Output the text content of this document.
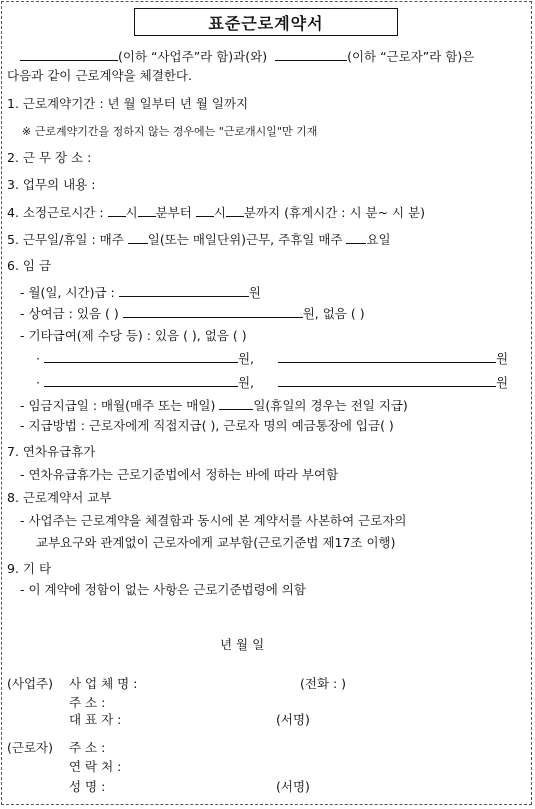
표준근로계약서
(이하 “사업주”라 함)과(와)	(이하 “근로자”라 함)은
다음과 같이 근로계약을 체결한다.
1. 근로계약기간 : 년 월 일부터 년 월 일까지
※ 근로계약기간을 정하지 않는 경우에는 "근로개시일"만 기재
2. 근 무 장 소 :
3. 업무의 내용 :
4. 소정근로시간 : 시 분부터 시 분까지 (휴게시간 : 시 분~ 시 분)
5. 근무일/휴일 : 매주 일(또는 매일단위)근무, 주휴일 매주 요일
6. 임 금
- 월(일, 시간)급 :	원
- 상여금 : 있음 ( )	원, 없음 ( )
- 기타급여(제 수당 등) : 있음 ( ), 없음 ( )
·	원,	원
·	원,	원
- 임금지급일 : 매월(매주 또는 매일)	일(휴일의 경우는 전일 지급)
- 지급방법 : 근로자에게 직접지급( ), 근로자 명의 예금통장에 입금( )
7. 연차유급휴가
- 연차유급휴가는 근로기준법에서 정하는 바에 따라 부여함
8. 근로계약서 교부
- 사업주는 근로계약을 체결함과 동시에 본 계약서를 사본하여 근로자의
교부요구와 관계없이 근로자에게 교부함(근로기준법 제17조 이행)
9. 기 타
- 이 계약에 정함이 없는 사항은 근로기준법령에 의함
년 월 일
(사업주) 사 업 체 명 :	(전화 : )
주 소 :
대 표 자 :	(서명)
(근로자) 주 소 :
연 락 처 :
성 명 :	(서명)
